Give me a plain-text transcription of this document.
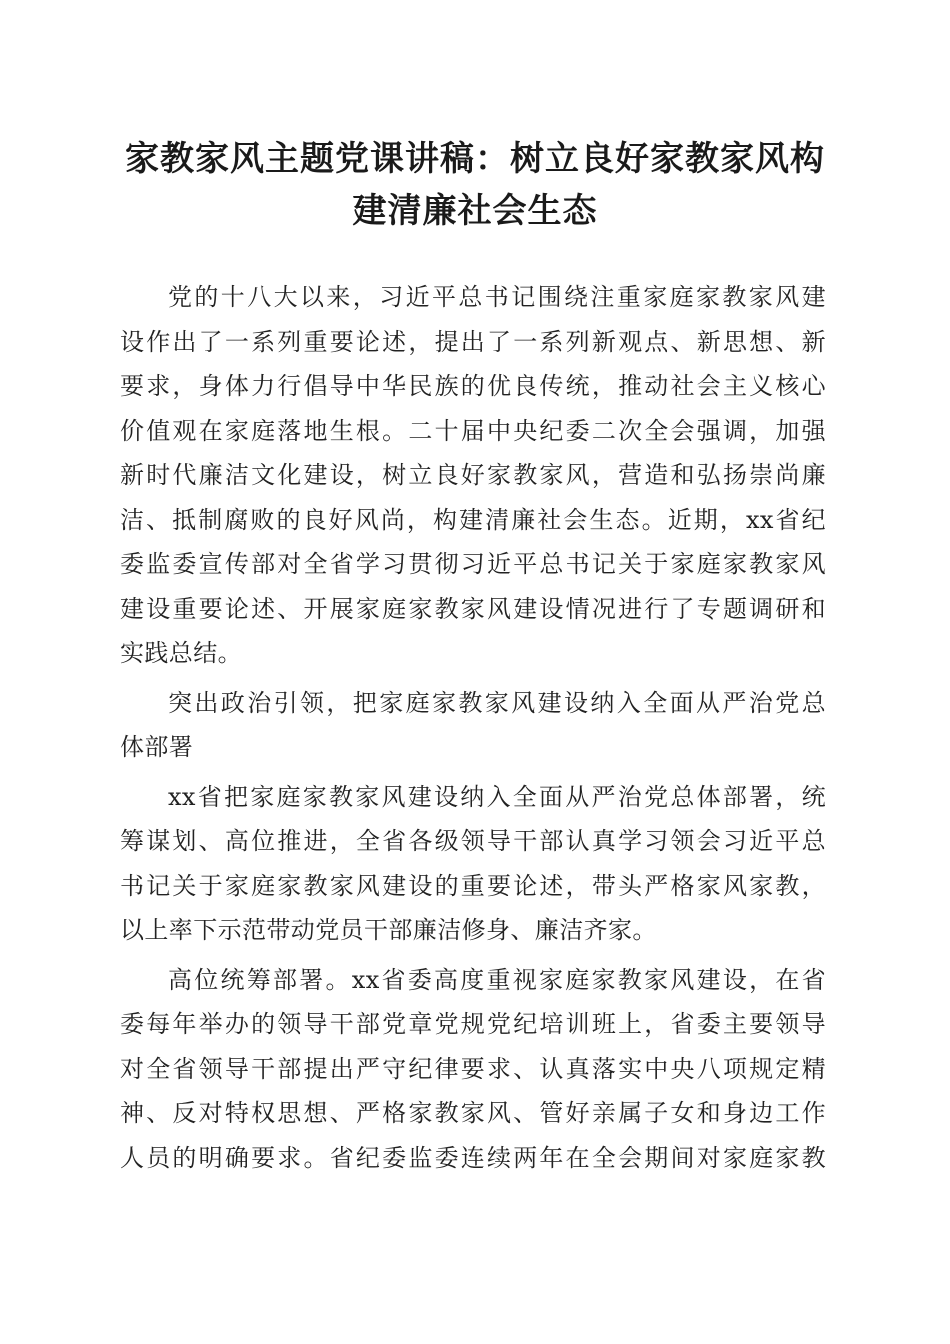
家教家风主题党课讲稿：树立良好家教家风构
建清廉社会生态
党的十八大以来，习近平总书记围绕注重家庭家教家风建
设作出了一系列重要论述，提出了一系列新观点、新思想、新
要求，身体力行倡导中华民族的优良传统，推动社会主义核心
价值观在家庭落地生根。二十届中央纪委二次全会强调，加强
新时代廉洁文化建设，树立良好家教家风，营造和弘扬崇尚廉
洁、抵制腐败的良好风尚，构建清廉社会生态。近期，xx省纪
委监委宣传部对全省学习贯彻习近平总书记关于家庭家教家风
建设重要论述、开展家庭家教家风建设情况进行了专题调研和
实践总结。
突出政治引领，把家庭家教家风建设纳入全面从严治党总
体部署
xx省把家庭家教家风建设纳入全面从严治党总体部署，统
筹谋划、高位推进，全省各级领导干部认真学习领会习近平总
书记关于家庭家教家风建设的重要论述，带头严格家风家教，
以上率下示范带动党员干部廉洁修身、廉洁齐家。
高位统筹部署。xx省委高度重视家庭家教家风建设，在省
委每年举办的领导干部党章党规党纪培训班上，省委主要领导
对全省领导干部提出严守纪律要求、认真落实中央八项规定精
神、反对特权思想、严格家教家风、管好亲属子女和身边工作
人员的明确要求。省纪委监委连续两年在全会期间对家庭家教
